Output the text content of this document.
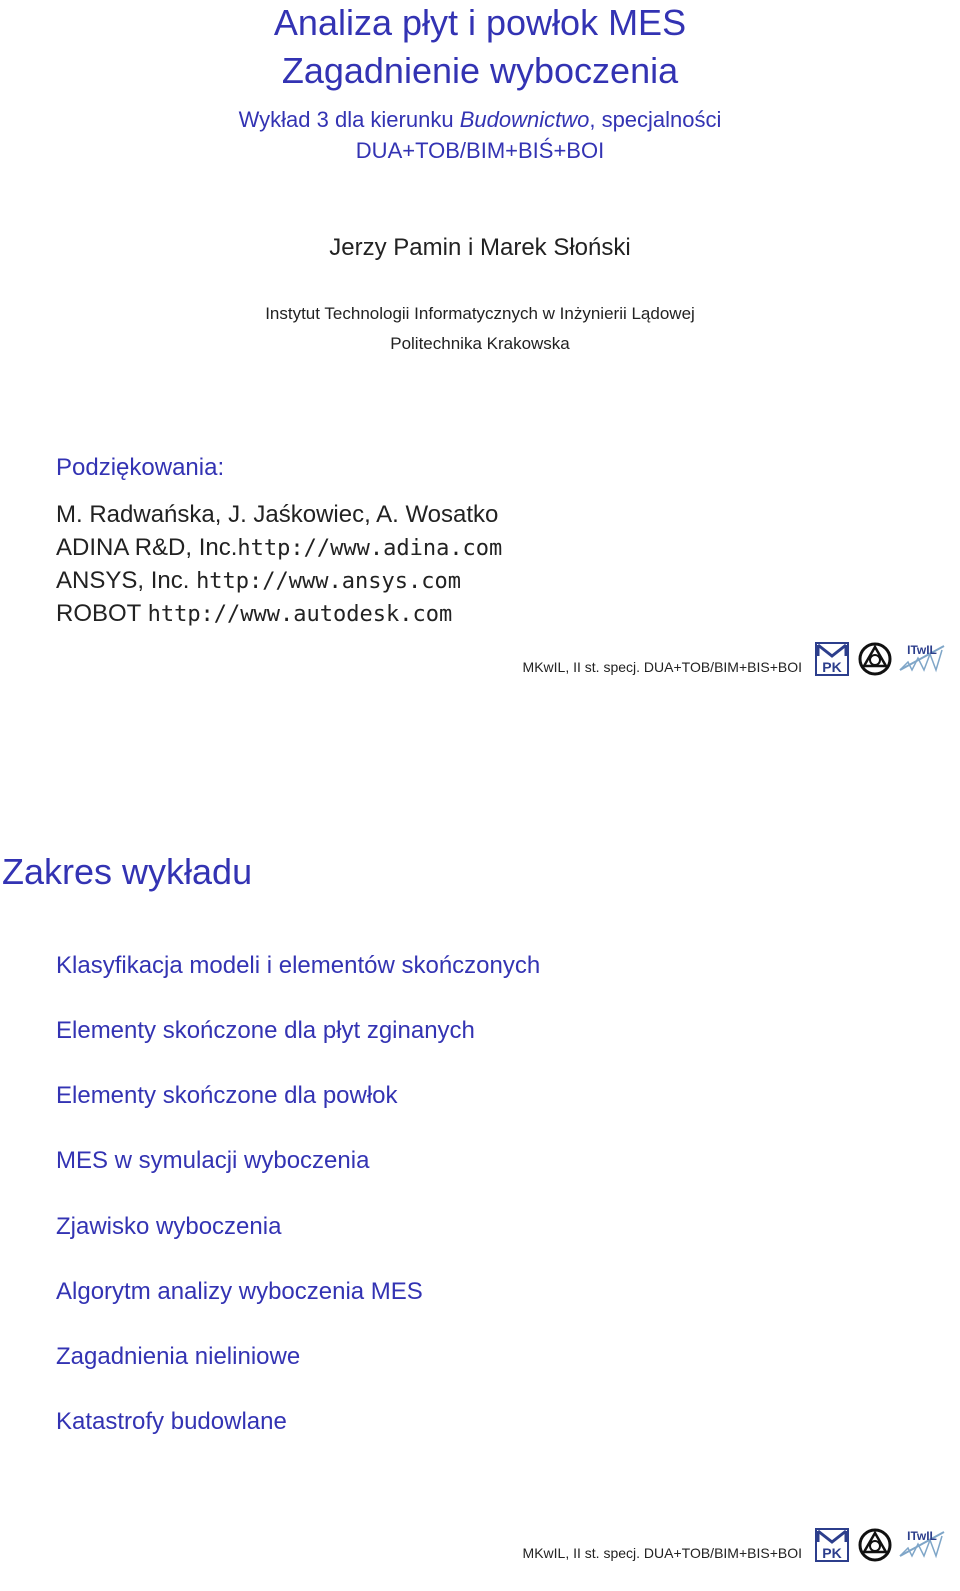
Analiza płyt i powłok MES
Zagadnienie wyboczenia
Wykład 3 dla kierunku Budownictwo, specjalności
DUA+TOB/BIM+BIŚ+BOI
Jerzy Pamin i Marek Słoński
Instytut Technologii Informatycznych w Inżynierii Lądowej
Politechnika Krakowska
Podziękowania:
M. Radwańska, J. Jaśkowiec, A. Wosatko
ADINA R&D, Inc.http://www.adina.com
ANSYS, Inc. http://www.ansys.com
ROBOT http://www.autodesk.com
MKwIL, II st. specj. DUA+TOB/BIM+BIS+BOI PK
ITwIL
Zakres wykładu
Klasyfikacja modeli i elementów skończonych
Elementy skończone dla płyt zginanych
Elementy skończone dla powłok
MES w symulacji wyboczenia
Zjawisko wyboczenia
Algorytm analizy wyboczenia MES
Zagadnienia nieliniowe
Katastrofy budowlane
MKwIL, II st. specj. DUA+TOB/BIM+BIS+BOI PK
ITwIL
